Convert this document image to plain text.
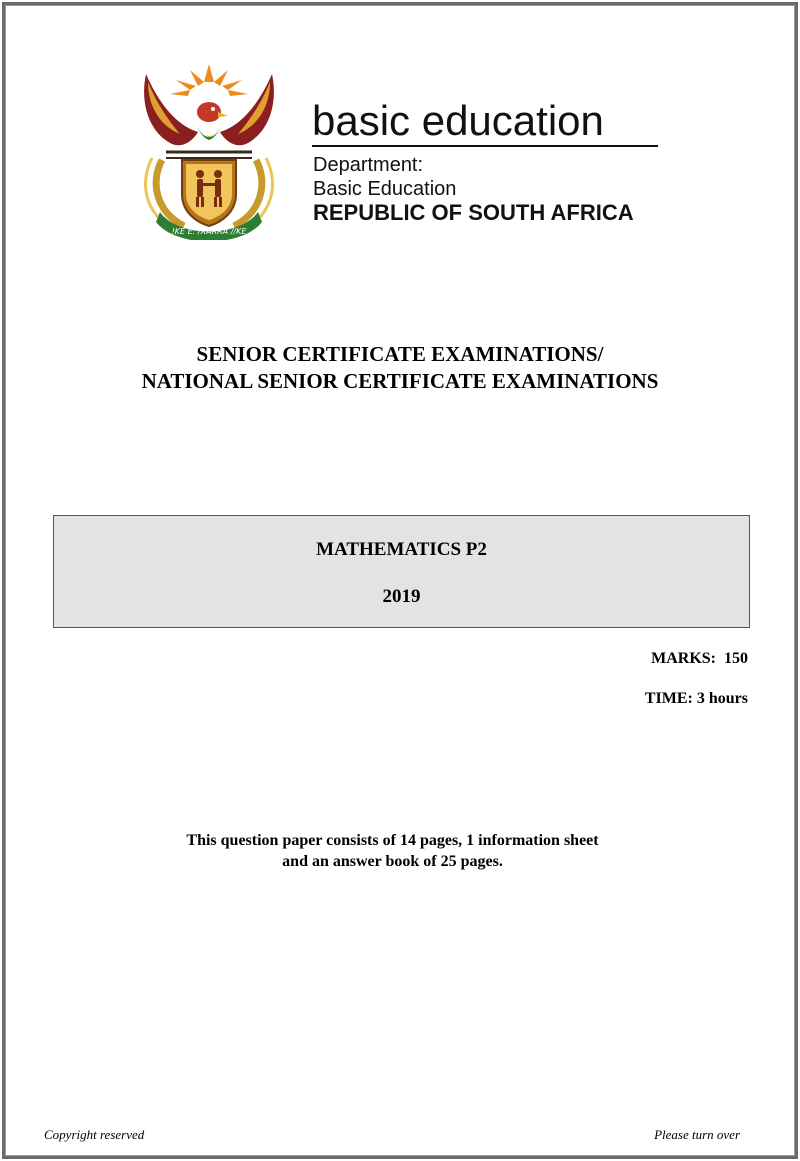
!KE E: /XARRA //KE
basic education
Department:
Basic Education
REPUBLIC OF SOUTH AFRICA
SENIOR CERTIFICATE EXAMINATIONS/
NATIONAL SENIOR CERTIFICATE EXAMINATIONS
MATHEMATICS P2
2019
MARKS:  150
TIME: 3 hours
This question paper consists of 14 pages, 1 information sheet
and an answer book of 25 pages.
Copyright reserved	Please turn over
